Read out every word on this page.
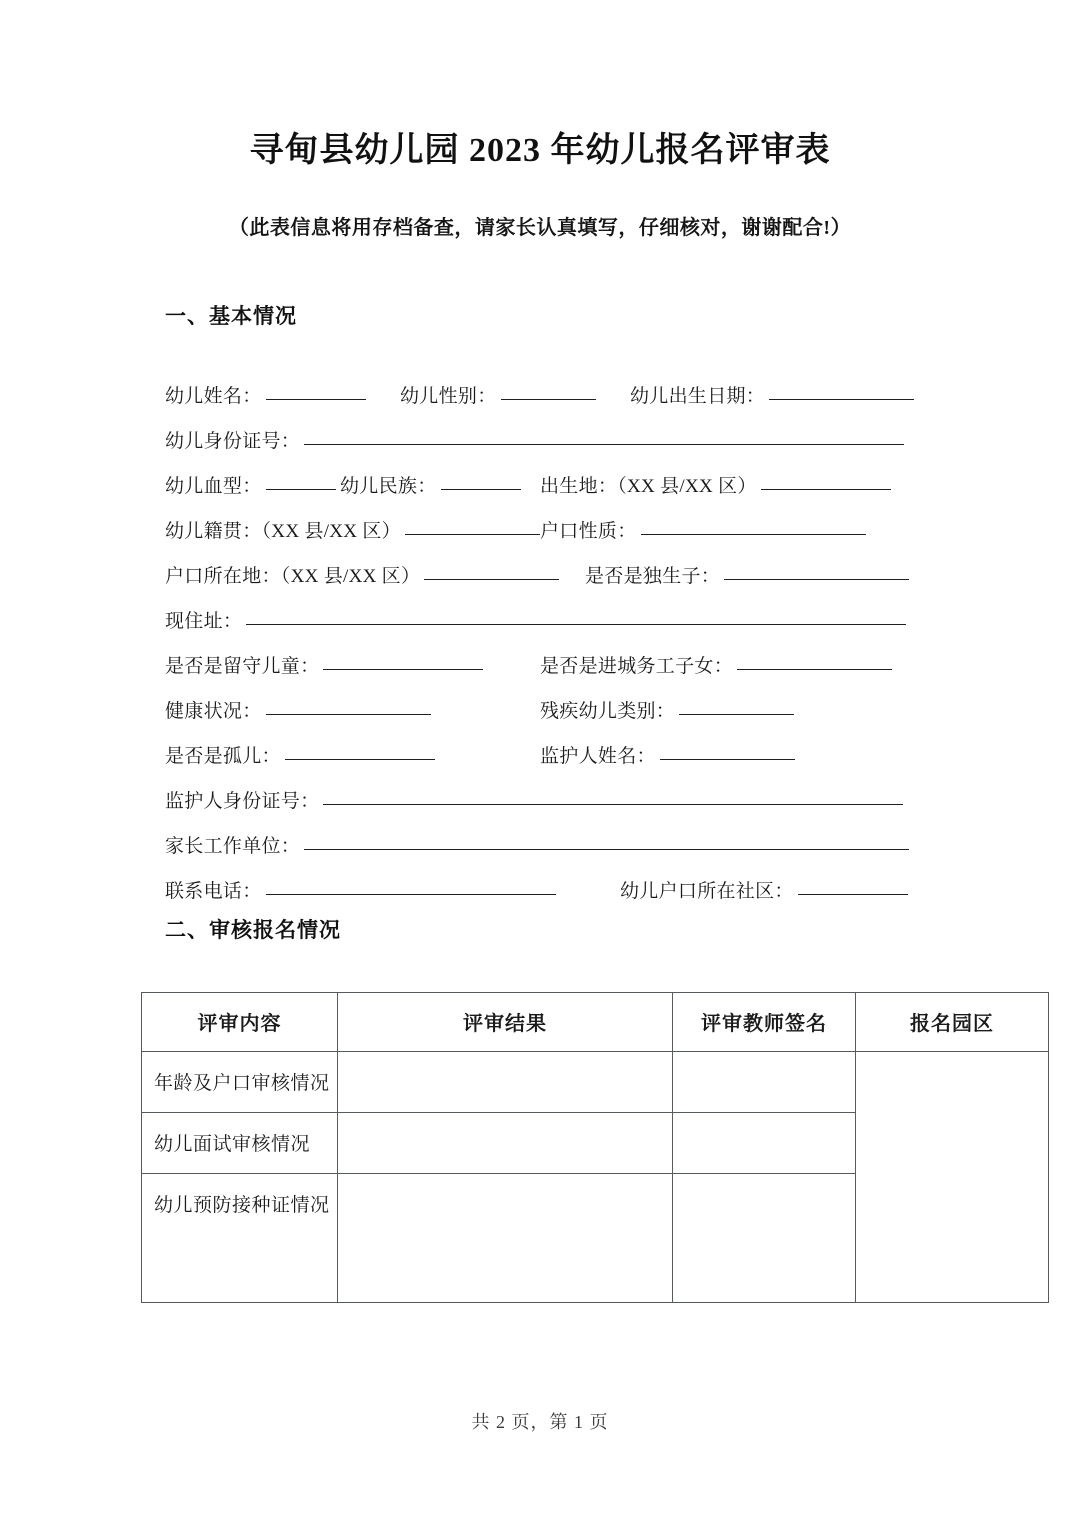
寻甸县幼儿园 2023 年幼儿报名评审表

（此表信息将用存档备查，请家长认真填写，仔细核对，谢谢配合!）

一、基本情况
幼儿姓名：	幼儿性别：	幼儿出生日期：
幼儿身份证号：
幼儿血型：	幼儿民族：	出生地：（XX 县/XX 区）
幼儿籍贯：（XX 县/XX 区）	户口性质：
户口所在地：（XX 县/XX 区）	是否是独生子：
现住址：
是否是留守儿童：	是否是进城务工子女：
健康状况：	残疾幼儿类别：
是否是孤儿：	监护人姓名：
监护人身份证号：
家长工作单位：
联系电话：	幼儿户口所在社区：
二、审核报名情况
评审内容	评审结果	评审教师签名	报名园区
年龄及户口审核情况			
幼儿面试审核情况			
幼儿预防接种证情况			
共 2 页，第 1 页
